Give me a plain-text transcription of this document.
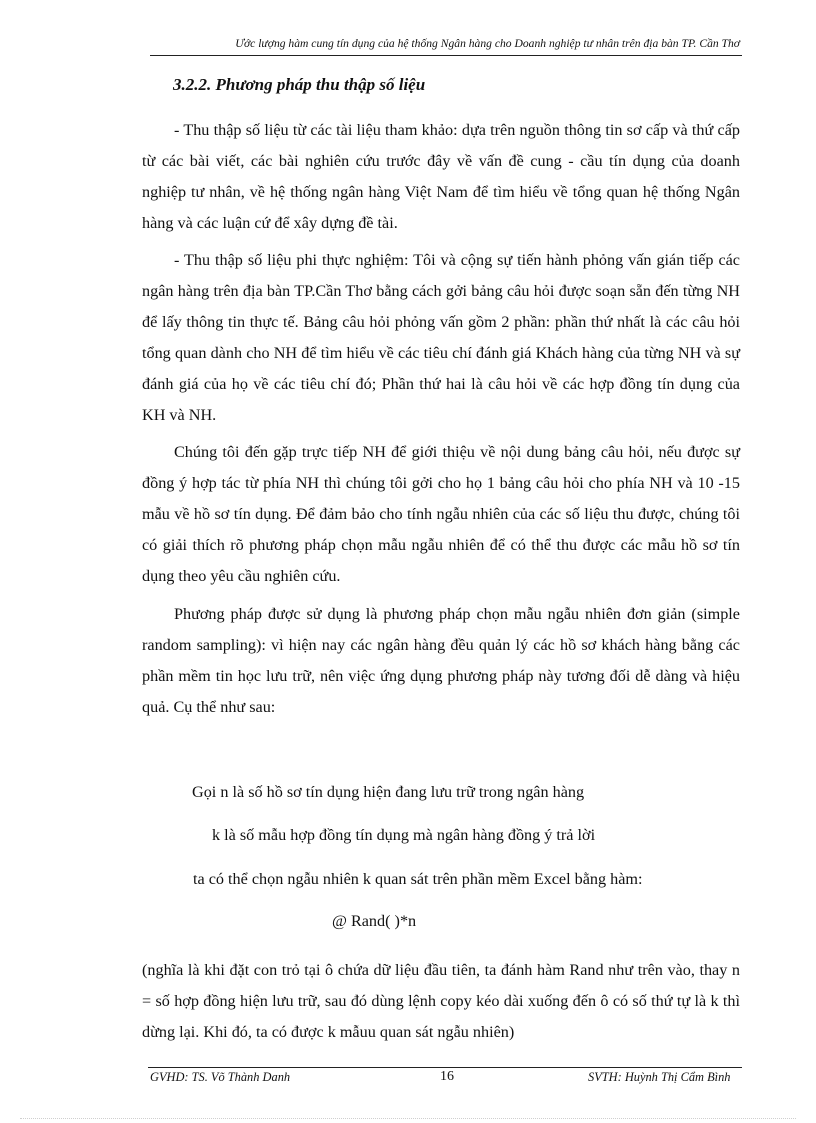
Ước lượng hàm cung tín dụng của hệ thống Ngân hàng cho Doanh nghiệp tư nhân trên địa bàn TP. Cần Thơ
3.2.2. Phương pháp thu thập số liệu

- Thu thập số liệu từ các tài liệu tham khảo: dựa trên nguồn thông tin sơ cấp và thứ cấp từ các bài viết, các bài nghiên cứu trước đây về vấn đề cung - cầu tín dụng của doanh nghiệp tư nhân, về hệ thống ngân hàng Việt Nam để tìm hiểu về tổng quan hệ thống Ngân hàng và các luận cứ để xây dựng đề tài.

- Thu thập số liệu phi thực nghiệm: Tôi và cộng sự tiến hành phỏng vấn gián tiếp các ngân hàng trên địa bàn TP.Cần Thơ bằng cách gởi bảng câu hỏi được soạn sẵn đến từng NH để lấy thông tin thực tế. Bảng câu hỏi phỏng vấn gồm 2 phần: phần thứ nhất là các câu hỏi tổng quan dành cho NH để tìm hiểu về các tiêu chí đánh giá Khách hàng của từng NH và sự đánh giá của họ về các tiêu chí đó; Phần thứ hai là câu hỏi về các hợp đồng tín dụng của KH và NH.

Chúng tôi đến gặp trực tiếp NH để giới thiệu về nội dung bảng câu hỏi, nếu được sự đồng ý hợp tác từ phía NH thì chúng tôi gởi cho họ 1 bảng câu hỏi cho phía NH và 10 -15 mẫu về hồ sơ tín dụng. Để đảm bảo cho tính ngẫu nhiên của các số liệu thu được, chúng tôi có giải thích rõ phương pháp chọn mẫu ngẫu nhiên để có thể thu được các mẫu hồ sơ tín dụng theo yêu cầu nghiên cứu.

Phương pháp được sử dụng là phương pháp chọn mẫu ngẫu nhiên đơn giản (simple random sampling): vì hiện nay các ngân hàng đều quản lý các hồ sơ khách hàng bằng các phần mềm tin học lưu trữ, nên việc ứng dụng phương pháp này tương đối dễ dàng và hiệu quả. Cụ thể như sau:

Gọi n là số hồ sơ tín dụng hiện đang lưu trữ trong ngân hàng

k là số mẫu hợp đồng tín dụng mà ngân hàng đồng ý trả lời

ta có thể chọn ngẫu nhiên k quan sát trên phần mềm Excel bằng hàm:

@ Rand( )*n

(nghĩa là khi đặt con trỏ tại ô chứa dữ liệu đầu tiên, ta đánh hàm Rand như trên vào, thay n = số hợp đồng hiện lưu trữ, sau đó dùng lệnh copy kéo dài xuống đến ô có số thứ tự là k thì dừng lại. Khi đó, ta có được k mẫuu quan sát ngẫu nhiên)

GVHD: TS. Võ Thành Danh	16	SVTH: Huỳnh Thị Cẩm Bình
